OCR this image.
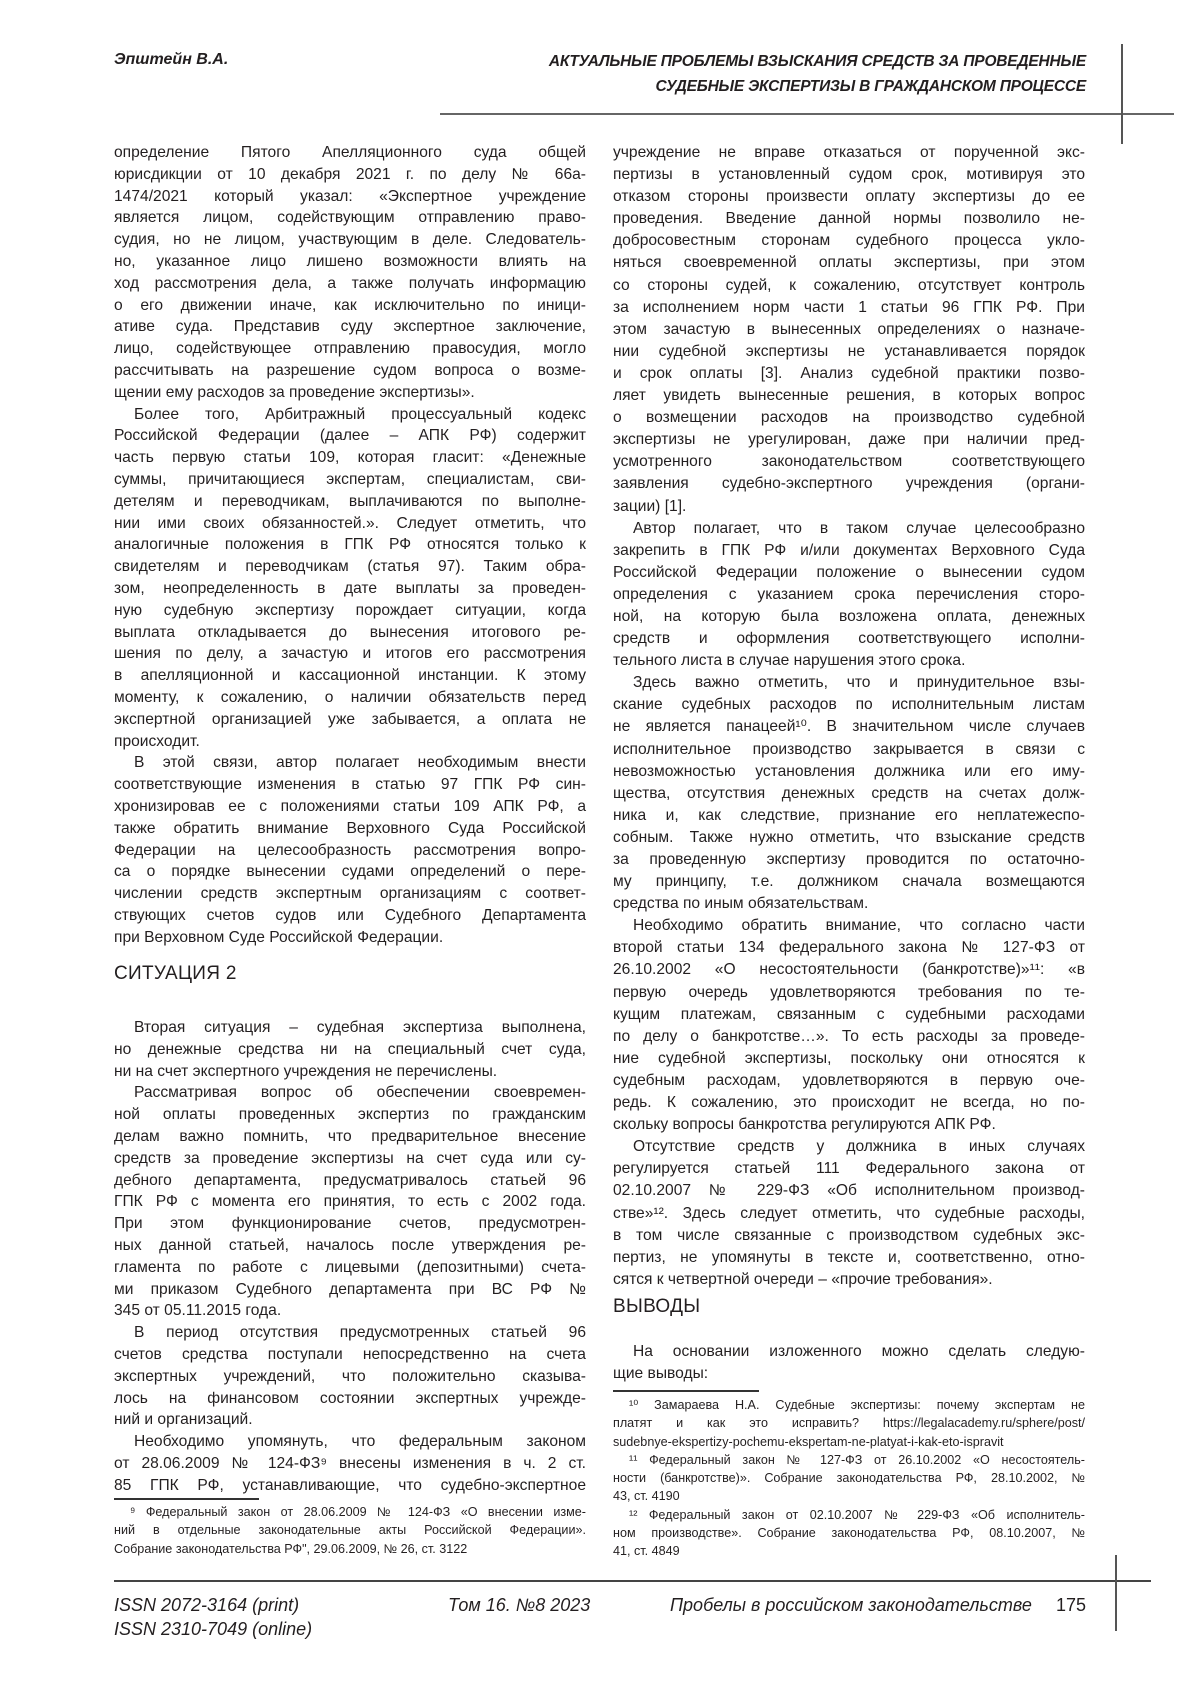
Эпштейн В.А.	АКТУАЛЬНЫЕ ПРОБЛЕМЫ ВЗЫСКАНИЯ СРЕДСТВ ЗА ПРОВЕДЕННЫЕ
СУДЕБНЫЕ ЭКСПЕРТИЗЫ В ГРАЖДАНСКОМ ПРОЦЕССЕ
определение Пятого Апелляционного суда общей
юрисдикции от 10 декабря 2021 г. по делу № 66а-
1474/2021 который указал: «Экспертное учреждение
является лицом, содействующим отправлению право-
судия, но не лицом, участвующим в деле. Следователь-
но, указанное лицо лишено возможности влиять на
ход рассмотрения дела, а также получать информацию
о его движении иначе, как исключительно по иници-
ативе суда. Представив суду экспертное заключение,
лицо, содействующее отправлению правосудия, могло
рассчитывать на разрешение судом вопроса о возме-
щении ему расходов за проведение экспертизы».
Более того, Арбитражный процессуальный кодекс
Российской Федерации (далее – АПК РФ) содержит
часть первую статьи 109, которая гласит: «Денежные
суммы, причитающиеся экспертам, специалистам, сви-
детелям и переводчикам, выплачиваются по выполне-
нии ими своих обязанностей.». Следует отметить, что
аналогичные положения в ГПК РФ относятся только к
свидетелям и переводчикам (статья 97). Таким обра-
зом, неопределенность в дате выплаты за проведен-
ную судебную экспертизу порождает ситуации, когда
выплата откладывается до вынесения итогового ре-
шения по делу, а зачастую и итогов его рассмотрения
в апелляционной и кассационной инстанции. К этому
моменту, к сожалению, о наличии обязательств перед
экспертной организацией уже забывается, а оплата не
происходит.
В этой связи, автор полагает необходимым внести
соответствующие изменения в статью 97 ГПК РФ син-
хронизировав ее с положениями статьи 109 АПК РФ, а
также обратить внимание Верховного Суда Российской
Федерации на целесообразность рассмотрения вопро-
са о порядке вынесении судами определений о пере-
числении средств экспертным организациям с соответ-
ствующих счетов судов или Судебного Департамента
при Верховном Суде Российской Федерации.
СИТУАЦИЯ 2
Вторая ситуация – судебная экспертиза выполнена,
но денежные средства ни на специальный счет суда,
ни на счет экспертного учреждения не перечислены.
Рассматривая вопрос об обеспечении своевремен-
ной оплаты проведенных экспертиз по гражданским
делам важно помнить, что предварительное внесение
средств за проведение экспертизы на счет суда или су-
дебного департамента, предусматривалось статьей 96
ГПК РФ с момента его принятия, то есть с 2002 года.
При этом функционирование счетов, предусмотрен-
ных данной статьей, началось после утверждения ре-
гламента по работе с лицевыми (депозитными) счета-
ми приказом Судебного департамента при ВС РФ №
345 от 05.11.2015 года.
В период отсутствия предусмотренных статьей 96
счетов средства поступали непосредственно на счета
экспертных учреждений, что положительно сказыва-
лось на финансовом состоянии экспертных учрежде-
ний и организаций.
Необходимо упомянуть, что федеральным законом
от 28.06.2009 № 124-ФЗ⁹ внесены изменения в ч. 2 ст.
85 ГПК РФ, устанавливающие, что судебно-экспертное
⁹ Федеральный закон от 28.06.2009 № 124-ФЗ «О внесении изме-
ний в отдельные законодательные акты Российской Федерации».
Собрание законодательства РФ", 29.06.2009, № 26, ст. 3122
учреждение не вправе отказаться от порученной экс-
пертизы в установленный судом срок, мотивируя это
отказом стороны произвести оплату экспертизы до ее
проведения. Введение данной нормы позволило не-
добросовестным сторонам судебного процесса укло-
няться своевременной оплаты экспертизы, при этом
со стороны судей, к сожалению, отсутствует контроль
за исполнением норм части 1 статьи 96 ГПК РФ. При
этом зачастую в вынесенных определениях о назначе-
нии судебной экспертизы не устанавливается порядок
и срок оплаты [3]. Анализ судебной практики позво-
ляет увидеть вынесенные решения, в которых вопрос
о возмещении расходов на производство судебной
экспертизы не урегулирован, даже при наличии пред-
усмотренного законодательством соответствующего
заявления судебно-экспертного учреждения (органи-
зации) [1].
Автор полагает, что в таком случае целесообразно
закрепить в ГПК РФ и/или документах Верховного Суда
Российской Федерации положение о вынесении судом
определения с указанием срока перечисления сторо-
ной, на которую была возложена оплата, денежных
средств и оформления соответствующего исполни-
тельного листа в случае нарушения этого срока.
Здесь важно отметить, что и принудительное взы-
скание судебных расходов по исполнительным листам
не является панацеей¹⁰. В значительном числе случаев
исполнительное производство закрывается в связи с
невозможностью установления должника или его иму-
щества, отсутствия денежных средств на счетах долж-
ника и, как следствие, признание его неплатежеспо-
собным. Также нужно отметить, что взыскание средств
за проведенную экспертизу проводится по остаточно-
му принципу, т.е. должником сначала возмещаются
средства по иным обязательствам.
Необходимо обратить внимание, что согласно части
второй статьи 134 федерального закона № 127-ФЗ от
26.10.2002 «О несостоятельности (банкротстве)»¹¹: «в
первую очередь удовлетворяются требования по те-
кущим платежам, связанным с судебными расходами
по делу о банкротстве…». То есть расходы за проведе-
ние судебной экспертизы, поскольку они относятся к
судебным расходам, удовлетворяются в первую оче-
редь. К сожалению, это происходит не всегда, но по-
скольку вопросы банкротства регулируются АПК РФ.
Отсутствие средств у должника в иных случаях
регулируется статьей 111 Федерального закона от
02.10.2007 № 229-ФЗ «Об исполнительном производ-
стве»¹². Здесь следует отметить, что судебные расходы,
в том числе связанные с производством судебных экс-
пертиз, не упомянуты в тексте и, соответственно, отно-
сятся к четвертной очереди – «прочие требования».
ВЫВОДЫ
На основании изложенного можно сделать следую-
щие выводы:
¹⁰ Замараева Н.А. Судебные экспертизы: почему экспертам не
платят и как это исправить? https://legalacademy.ru/sphere/post/
sudebnye-ekspertizy-pochemu-ekspertam-ne-platyat-i-kak-eto-ispravit
¹¹ Федеральный закон № 127-ФЗ от 26.10.2002 «О несостоятель-
ности (банкротстве)». Собрание законодательства РФ, 28.10.2002, №
43, ст. 4190
¹² Федеральный закон от 02.10.2007 № 229-ФЗ «Об исполнитель-
ном производстве». Собрание законодательства РФ, 08.10.2007, №
41, ст. 4849
ISSN 2072-3164 (print)
ISSN 2310-7049 (online)
Том 16. №8 2023	Пробелы в российском законодательстве 175
